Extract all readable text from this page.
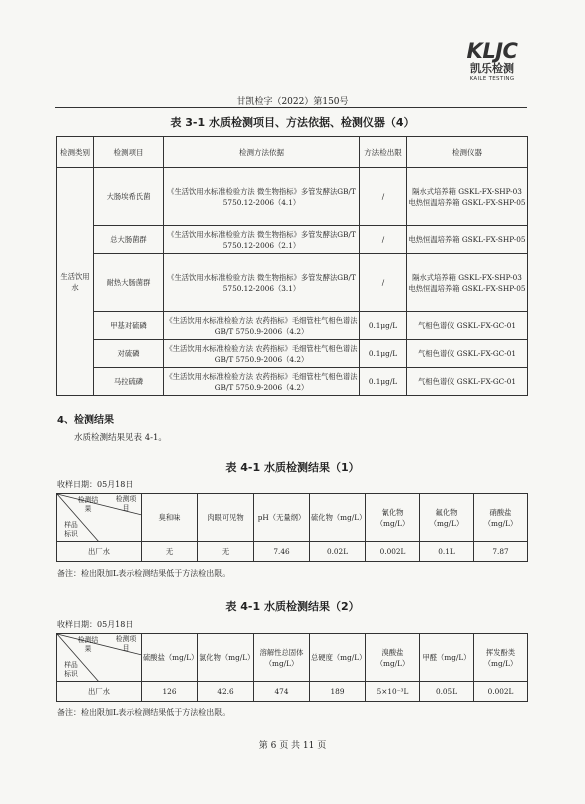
KLJC
凯乐检测
KAILE TESTING
甘凯检字（2022）第150号
表 3-1 水质检测项目、方法依据、检测仪器（4）
检测类别	检测项目	检测方法依据	方法检出限	检测仪器
生活饮用水	大肠埃希氏菌	《生活饮用水标准检验方法 微生物指标》多管发酵法GB/T 5750.12-2006（4.1）	/	隔水式培养箱 GSKL-FX-SHP-03 电热恒温培养箱 GSKL-FX-SHP-05
	总大肠菌群	《生活饮用水标准检验方法 微生物指标》多管发酵法GB/T 5750.12-2006（2.1）	/	电热恒温培养箱 GSKL-FX-SHP-05
	耐热大肠菌群	《生活饮用水标准检验方法 微生物指标》多管发酵法GB/T 5750.12-2006（3.1）	/	隔水式培养箱 GSKL-FX-SHP-03 电热恒温培养箱 GSKL-FX-SHP-05
	甲基对硫磷	《生活饮用水标准检验方法 农药指标》毛细管柱气相色谱法GB/T 5750.9-2006（4.2）	0.1μg/L	气相色谱仪 GSKL-FX-GC-01
	对硫磷	《生活饮用水标准检验方法 农药指标》毛细管柱气相色谱法GB/T 5750.9-2006（4.2）	0.1μg/L	气相色谱仪 GSKL-FX-GC-01
	马拉硫磷	《生活饮用水标准检验方法 农药指标》毛细管柱气相色谱法GB/T 5750.9-2006（4.2）	0.1μg/L	气相色谱仪 GSKL-FX-GC-01
4、检测结果
水质检测结果见表 4-1。
表 4-1 水质检测结果（1）
收样日期：05月18日
检测项目
检测结果
样品标识	臭和味	肉眼可见物	pH（无量纲）	硫化物（mg/L）	氰化物（mg/L）	氟化物（mg/L）	硝酸盐（mg/L）
出厂水	无	无	7.46	0.02L	0.002L	0.1L	7.87
备注：检出限加L表示检测结果低于方法检出限。
表 4-1 水质检测结果（2）
收样日期：05月18日
检测项目
检测结果
样品标识	硫酸盐（mg/L）	氯化物（mg/L）	溶解性总固体（mg/L）	总硬度（mg/L）	溴酸盐（mg/L）	甲醛（mg/L）	挥发酚类（mg/L）
出厂水	126	42.6	474	189	5×10⁻³L	0.05L	0.002L
备注：检出限加L表示检测结果低于方法检出限。
第 6 页 共 11 页
